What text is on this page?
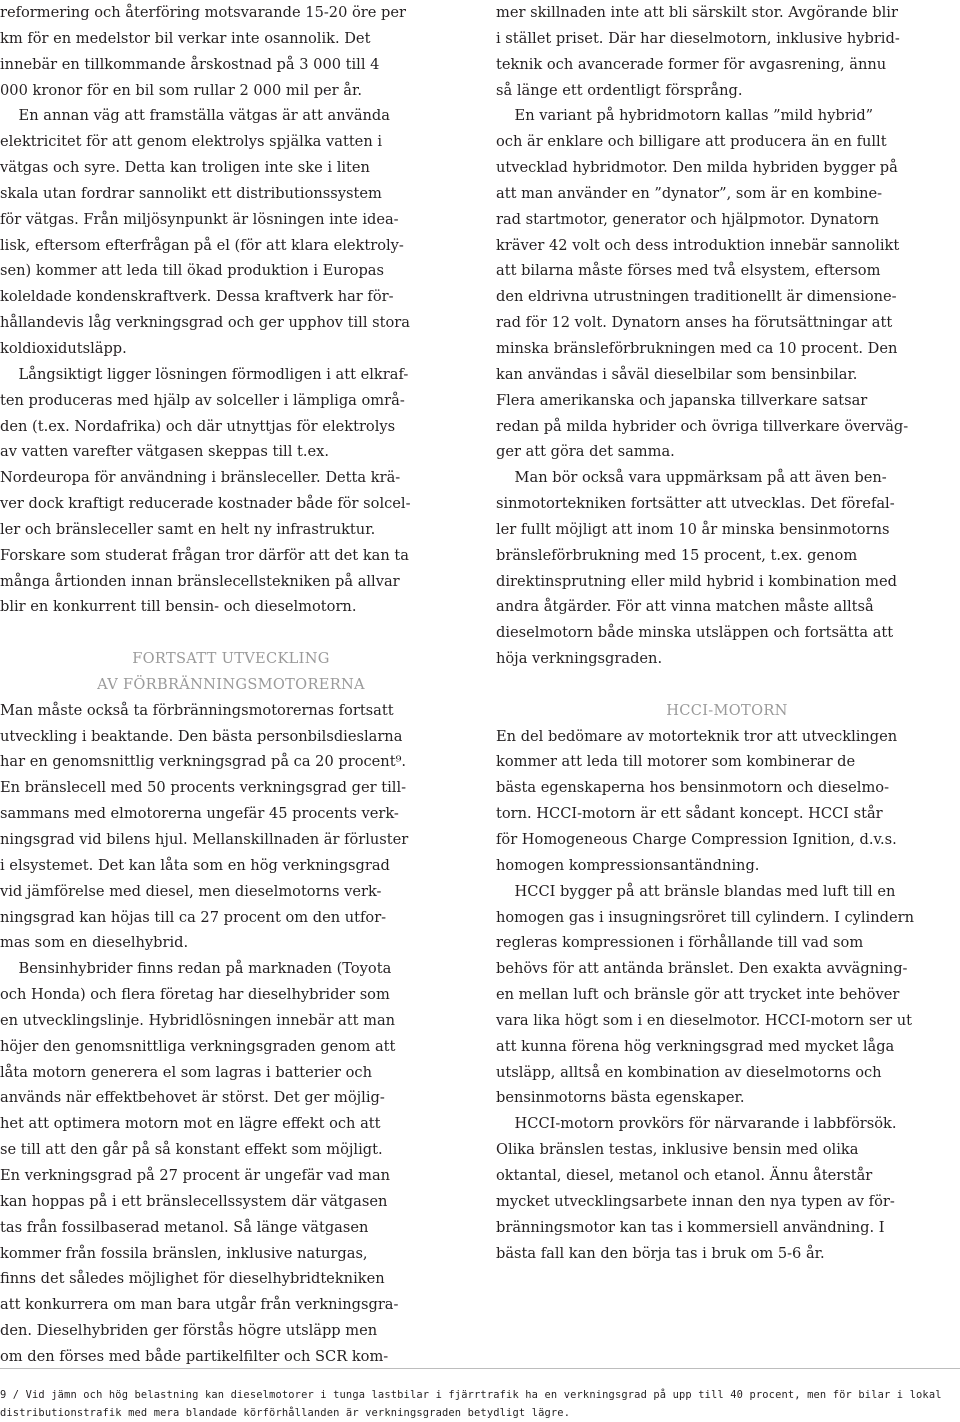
reformering och återföring motsvarande 15-20 öre per
km för en medelstor bil verkar inte osannolik. Det
innebär en tillkommande årskostnad på 3 000 till 4
000 kronor för en bil som rullar 2 000 mil per år.
En annan väg att framställa vätgas är att använda
elektricitet för att genom elektrolys spjälka vatten i
vätgas och syre. Detta kan troligen inte ske i liten
skala utan fordrar sannolikt ett distributionssystem
för vätgas. Från miljösynpunkt är lösningen inte idea-
lisk, eftersom efterfrågan på el (för att klara elektroly-
sen) kommer att leda till ökad produktion i Europas
koleldade kondenskraftverk. Dessa kraftverk har för-
hållandevis låg verkningsgrad och ger upphov till stora
koldioxidutsläpp.
Långsiktigt ligger lösningen förmodligen i att elkraf-
ten produceras med hjälp av solceller i lämpliga områ-
den (t.ex. Nordafrika) och där utnyttjas för elektrolys
av vatten varefter vätgasen skeppas till t.ex.
Nordeuropa för användning i bränsleceller. Detta krä-
ver dock kraftigt reducerade kostnader både för solcel-
ler och bränsleceller samt en helt ny infrastruktur.
Forskare som studerat frågan tror därför att det kan ta
många årtionden innan bränslecellstekniken på allvar
blir en konkurrent till bensin- och dieselmotorn.
FORTSATT UTVECKLING
AV FÖRBRÄNNINGSMOTORERNA
Man måste också ta förbränningsmotorernas fortsatt
utveckling i beaktande. Den bästa personbilsdieslarna
har en genomsnittlig verkningsgrad på ca 20 procent⁹.
En bränslecell med 50 procents verkningsgrad ger till-
sammans med elmotorerna ungefär 45 procents verk-
ningsgrad vid bilens hjul. Mellanskillnaden är förluster
i elsystemet. Det kan låta som en hög verkningsgrad
vid jämförelse med diesel, men dieselmotorns verk-
ningsgrad kan höjas till ca 27 procent om den utfor-
mas som en dieselhybrid.
Bensinhybrider finns redan på marknaden (Toyota
och Honda) och flera företag har dieselhybrider som
en utvecklingslinje. Hybridlösningen innebär att man
höjer den genomsnittliga verkningsgraden genom att
låta motorn generera el som lagras i batterier och
används när effektbehovet är störst. Det ger möjlig-
het att optimera motorn mot en lägre effekt och att
se till att den går på så konstant effekt som möjligt.
En verkningsgrad på 27 procent är ungefär vad man
kan hoppas på i ett bränslecellssystem där vätgasen
tas från fossilbaserad metanol. Så länge vätgasen
kommer från fossila bränslen, inklusive naturgas,
finns det således möjlighet för dieselhybridtekniken
att konkurrera om man bara utgår från verkningsgra-
den. Dieselhybriden ger förstås högre utsläpp men
om den förses med både partikelfilter och SCR kom-
mer skillnaden inte att bli särskilt stor. Avgörande blir
i stället priset. Där har dieselmotorn, inklusive hybrid-
teknik och avancerade former för avgasrening, ännu
så länge ett ordentligt försprång.
En variant på hybridmotorn kallas ”mild hybrid”
och är enklare och billigare att producera än en fullt
utvecklad hybridmotor. Den milda hybriden bygger på
att man använder en ”dynator”, som är en kombine-
rad startmotor, generator och hjälpmotor. Dynatorn
kräver 42 volt och dess introduktion innebär sannolikt
att bilarna måste förses med två elsystem, eftersom
den eldrivna utrustningen traditionellt är dimensione-
rad för 12 volt. Dynatorn anses ha förutsättningar att
minska bränsleförbrukningen med ca 10 procent. Den
kan användas i såväl dieselbilar som bensinbilar.
Flera amerikanska och japanska tillverkare satsar
redan på milda hybrider och övriga tillverkare överväg-
ger att göra det samma.
Man bör också vara uppmärksam på att även ben-
sinmotortekniken fortsätter att utvecklas. Det förefal-
ler fullt möjligt att inom 10 år minska bensinmotorns
bränsleförbrukning med 15 procent, t.ex. genom
direktinsprutning eller mild hybrid i kombination med
andra åtgärder. För att vinna matchen måste alltså
dieselmotorn både minska utsläppen och fortsätta att
höja verkningsgraden.
HCCI-MOTORN
En del bedömare av motorteknik tror att utvecklingen
kommer att leda till motorer som kombinerar de
bästa egenskaperna hos bensinmotorn och dieselmo-
torn. HCCI-motorn är ett sådant koncept. HCCI står
för Homogeneous Charge Compression Ignition, d.v.s.
homogen kompressionsantändning.
HCCI bygger på att bränsle blandas med luft till en
homogen gas i insugningsröret till cylindern. I cylindern
regleras kompressionen i förhållande till vad som
behövs för att antända bränslet. Den exakta avvägning-
en mellan luft och bränsle gör att trycket inte behöver
vara lika högt som i en dieselmotor. HCCI-motorn ser ut
att kunna förena hög verkningsgrad med mycket låga
utsläpp, alltså en kombination av dieselmotorns och
bensinmotorns bästa egenskaper.
HCCI-motorn provkörs för närvarande i labbförsök.
Olika bränslen testas, inklusive bensin med olika
oktantal, diesel, metanol och etanol. Ännu återstår
mycket utvecklingsarbete innan den nya typen av för-
bränningsmotor kan tas i kommersiell användning. I
bästa fall kan den börja tas i bruk om 5-6 år.
9 / Vid jämn och hög belastning kan dieselmotorer i tunga lastbilar i fjärrtrafik ha en verkningsgrad på upp till 40 procent, men för bilar i lokal
distributionstrafik med mera blandade körförhållanden är verkningsgraden betydligt lägre.
